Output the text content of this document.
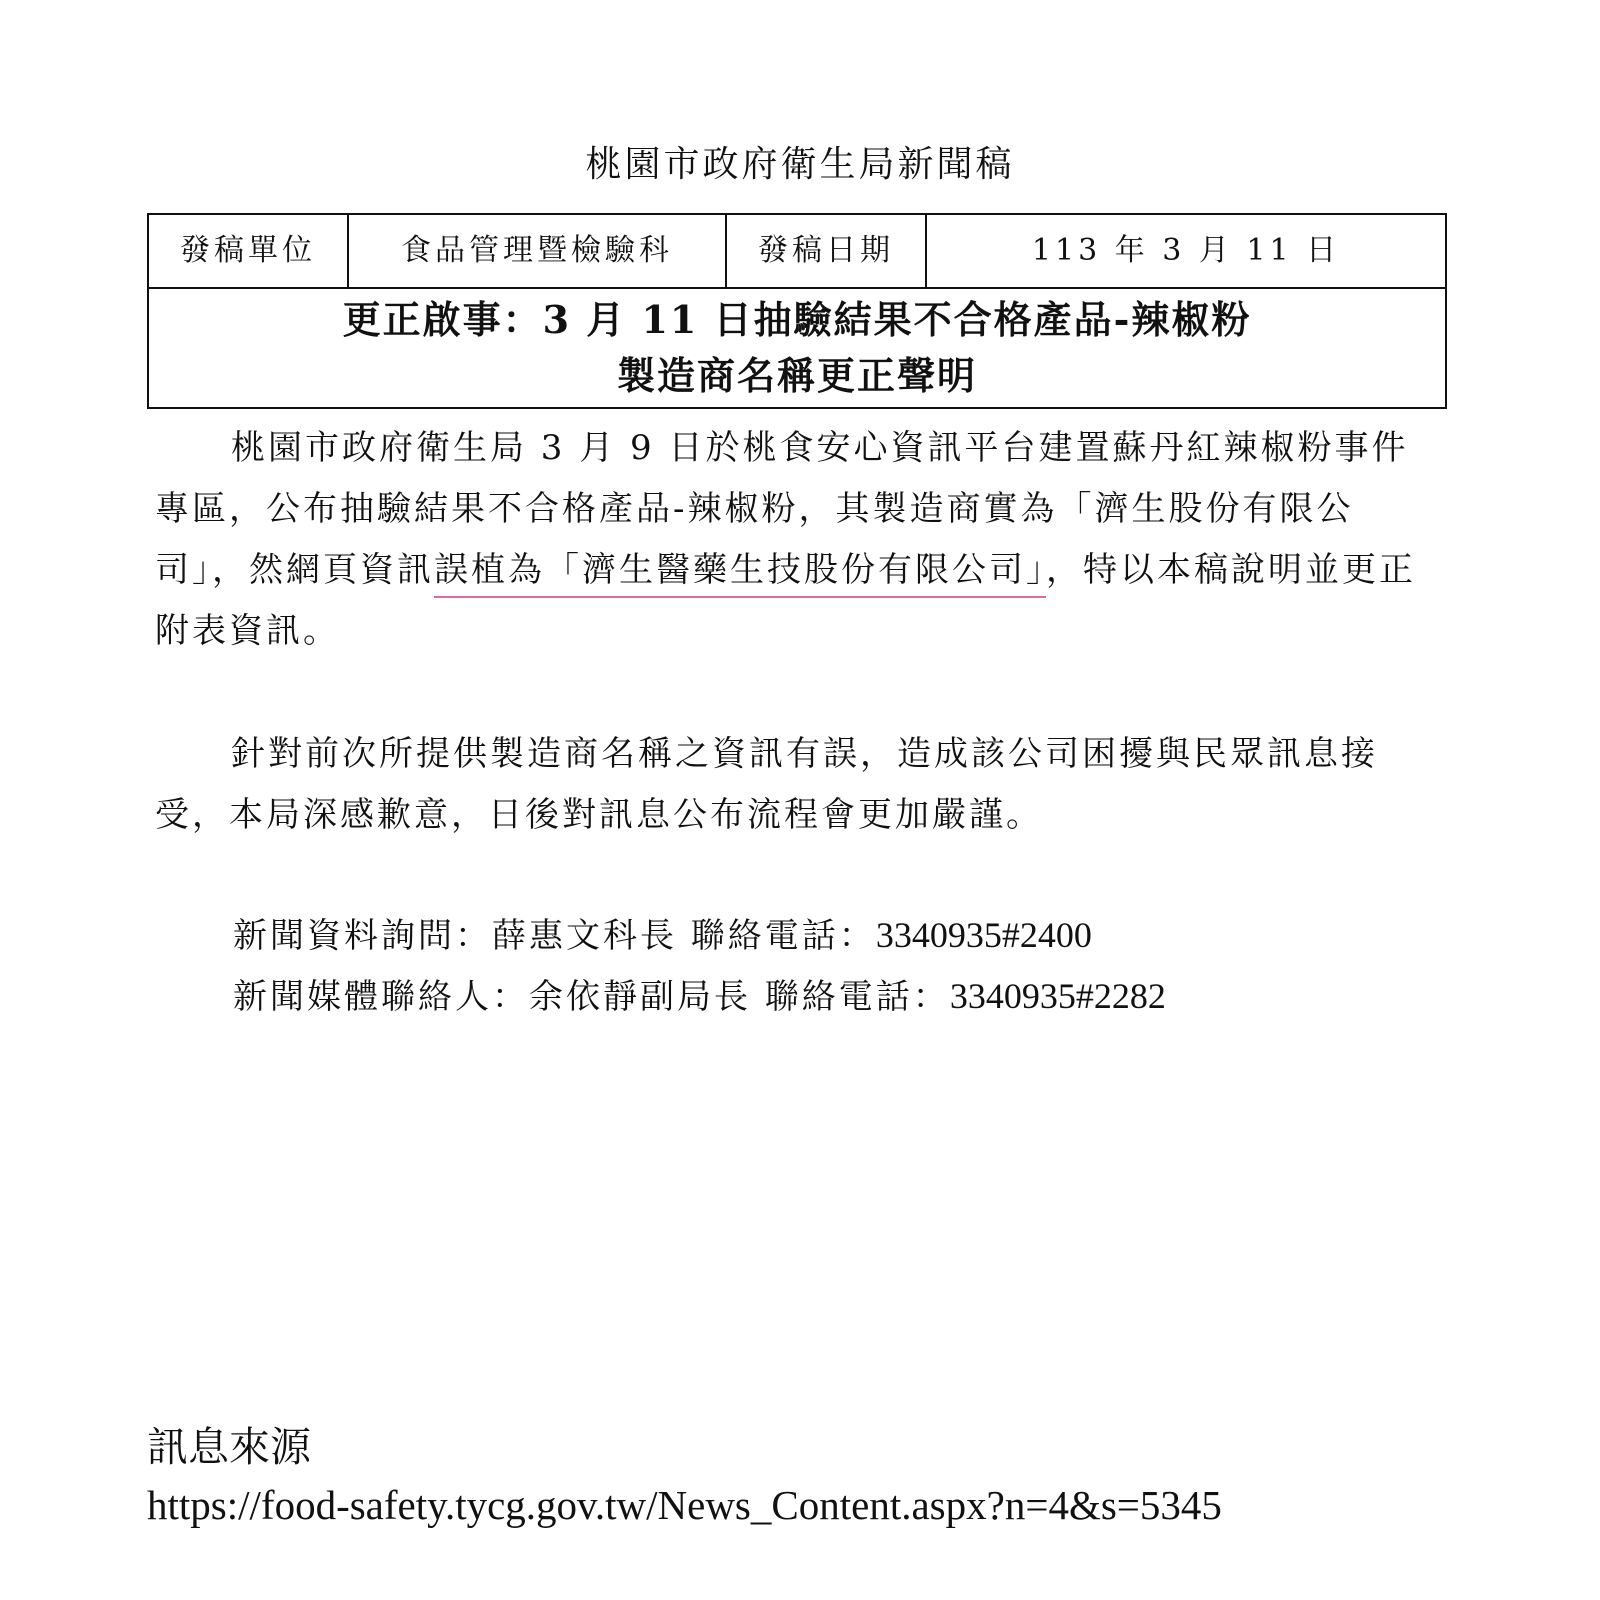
桃園市政府衛生局新聞稿
發稿單位	食品管理暨檢驗科	發稿日期	113 年 3 月 11 日

更正啟事：3 月 11 日抽驗結果不合格產品-辣椒粉
製造商名稱更正聲明

桃園市政府衛生局 3 月 9 日於桃食安心資訊平台建置蘇丹紅辣椒粉事件專區，公布抽驗結果不合格產品-辣椒粉，其製造商實為「濟生股份有限公司」，然網頁資訊誤植為「濟生醫藥生技股份有限公司」，特以本稿說明並更正附表資訊。

針對前次所提供製造商名稱之資訊有誤，造成該公司困擾與民眾訊息接受，本局深感歉意，日後對訊息公布流程會更加嚴謹。

新聞資料詢問：薛惠文科長 聯絡電話：3340935#2400
新聞媒體聯絡人：余依靜副局長 聯絡電話：3340935#2282
訊息來源
https://food-safety.tycg.gov.tw/News_Content.aspx?n=4&s=5345
